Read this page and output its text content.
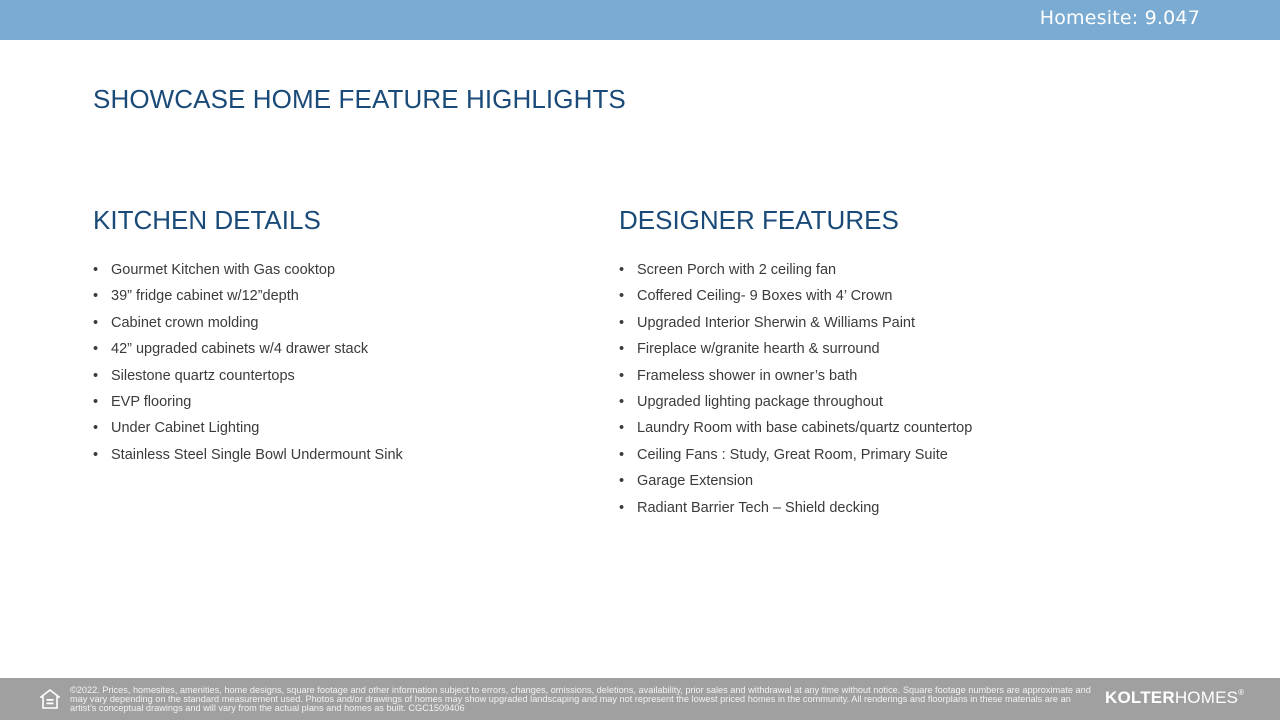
Homesite: 9.047
SHOWCASE HOME FEATURE HIGHLIGHTS
KITCHEN DETAILS
• Gourmet Kitchen with Gas cooktop
• 39” fridge cabinet w/12”depth
• Cabinet crown molding
• 42” upgraded cabinets w/4 drawer stack
• Silestone quartz countertops
• EVP flooring
• Under Cabinet Lighting
• Stainless Steel Single Bowl Undermount Sink
DESIGNER FEATURES
• Screen Porch with 2 ceiling fan
• Coffered Ceiling- 9 Boxes with 4’ Crown
• Upgraded Interior Sherwin & Williams Paint
• Fireplace w/granite hearth & surround
• Frameless shower in owner’s bath
• Upgraded lighting package throughout
• Laundry Room with base cabinets/quartz countertop
• Ceiling Fans : Study, Great Room, Primary Suite
• Garage Extension
• Radiant Barrier Tech – Shield decking

©2022. Prices, homesites, amenities, home designs, square footage and other information subject to errors, changes, omissions, deletions, availability, prior sales and withdrawal at any time without notice. Square footage numbers are approximate and may vary depending on the standard measurement used. Photos and/or drawings of homes may show upgraded landscaping and may not represent the lowest priced homes in the community. All renderings and floorplans in these materials are an artist’s conceptual drawings and will vary from the actual plans and homes as built. CGC1509406

KOLTERHOMES®
